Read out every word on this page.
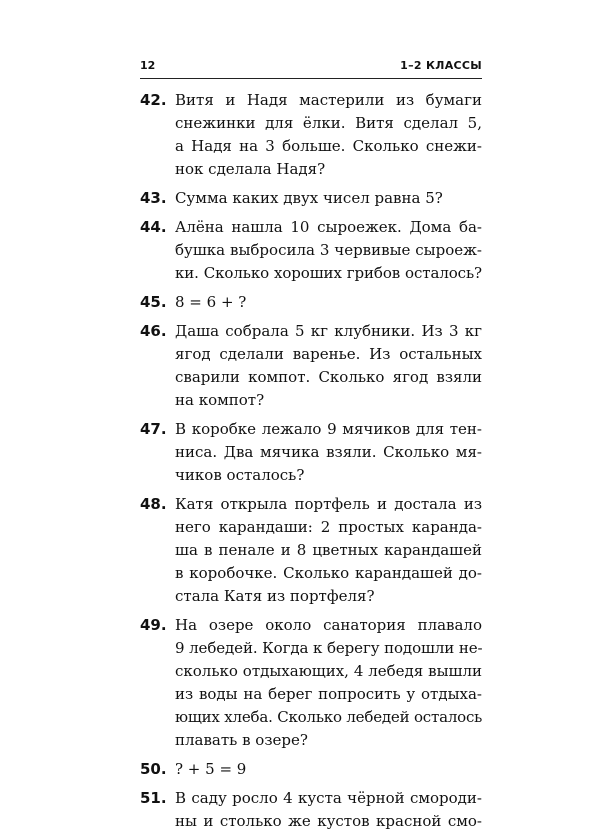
12	1–2 КЛАССЫ
42. Витя и Надя мастерили из бумаги
снежинки для ёлки. Витя сделал 5,
а Надя на 3 больше. Сколько снежи-
нок сделала Надя?
43. Сумма каких двух чисел равна 5?
44. Алёна нашла 10 сыроежек. Дома ба-
бушка выбросила 3 червивые сыроеж-
ки. Сколько хороших грибов осталось?
45. 8 = 6 + ?
46. Даша собрала 5 кг клубники. Из 3 кг
ягод сделали варенье. Из остальных
сварили компот. Сколько ягод взяли
на компот?
47. В коробке лежало 9 мячиков для тен-
ниса. Два мячика взяли. Сколько мя-
чиков осталось?
48. Катя открыла портфель и достала из
него карандаши: 2 простых каранда-
ша в пенале и 8 цветных карандашей
в коробочке. Сколько карандашей до-
стала Катя из портфеля?
49. На озере около санатория плавало
9 лебедей. Когда к берегу подошли не-
сколько отдыхающих, 4 лебедя вышли
из воды на берег попросить у отдыха-
ющих хлеба. Сколько лебедей осталось
плавать в озере?
50. ? + 5 = 9
51. В саду росло 4 куста чёрной смороди-
ны и столько же кустов красной смо-
